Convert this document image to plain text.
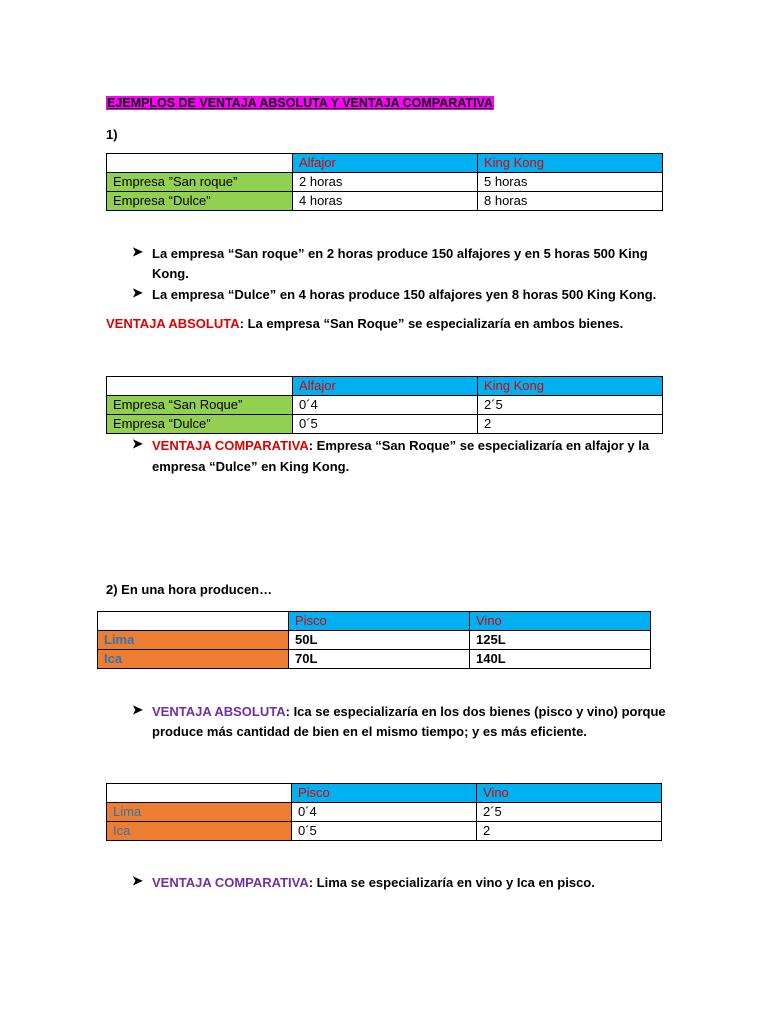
EJEMPLOS DE VENTAJA ABSOLUTA Y VENTAJA COMPARATIVA
1)
	Alfajor	King Kong
Empresa ”San roque”	2 horas	5 horas
Empresa “Dulce”	4 horas	8 horas
➤ La empresa “San roque” en 2 horas produce 150 alfajores y en 5 horas 500 King
Kong.
➤ La empresa “Dulce” en 4 horas produce 150 alfajores yen 8 horas 500 King Kong.
VENTAJA ABSOLUTA: La empresa “San Roque” se especializaría en ambos bienes.
	Alfajor	King Kong
Empresa “San Roque”	0´4	2´5
Empresa “Dulce”	0´5	2
➤ VENTAJA COMPARATIVA: Empresa “San Roque” se especializaría en alfajor y la
empresa “Dulce” en King Kong.
2) En una hora producen…
	Pisco	Vino
Lima	50L	125L
Ica	70L	140L
➤ VENTAJA ABSOLUTA: Ica se especializaría en los dos bienes (pisco y vino) porque
produce más cantidad de bien en el mismo tiempo; y es más eficiente.
	Pisco	Vino
Lima	0´4	2´5
Ica	0´5	2
➤ VENTAJA COMPARATIVA: Lima se especializaría en vino y Ica en pisco.
